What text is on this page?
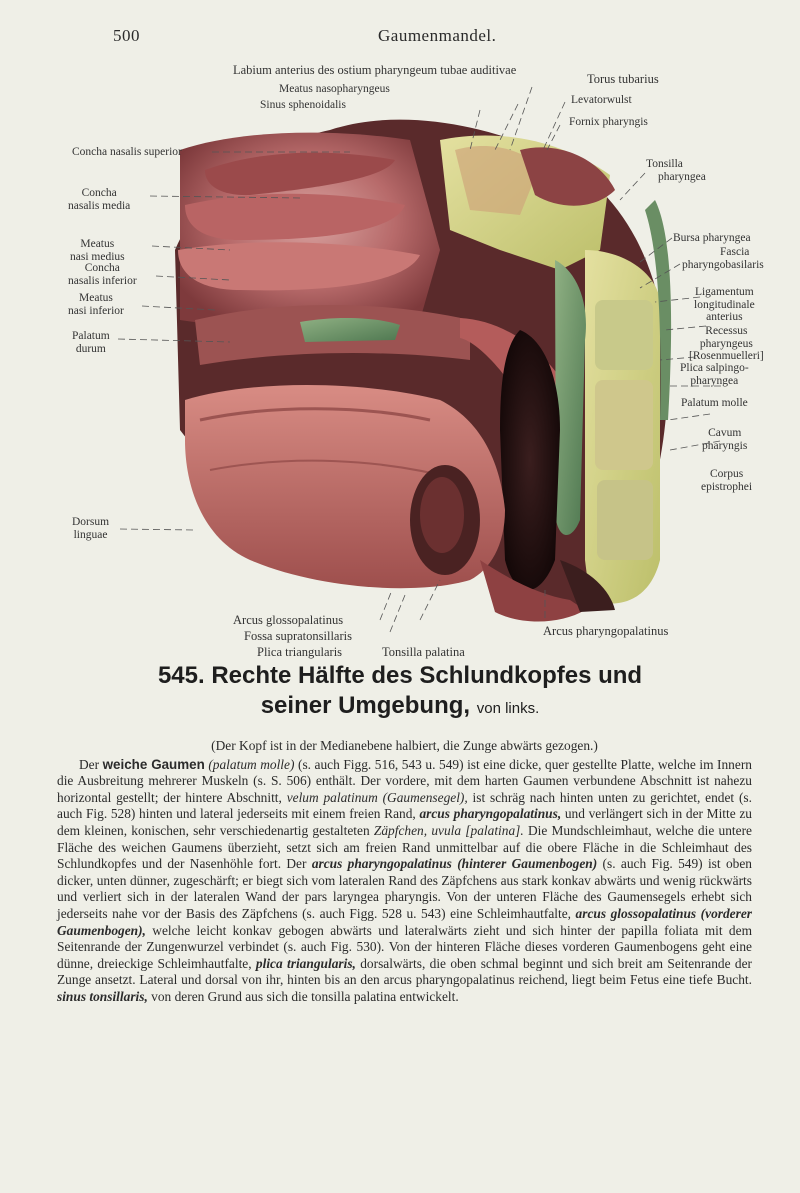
500	Gaumenmandel.
Labium anterius des ostium pharyngeum tubae auditivae
Torus tubarius
Meatus nasopharyngeus
Levatorwulst
Sinus sphenoidalis
Fornix pharyngis
Concha nasalis superior
Concha
nasalis media
Meatus
nasi medius
Concha
nasalis inferior
Meatus
nasi inferior
Palatum
durum
Dorsum
linguae
Tonsilla
pharyngea
Bursa pharyngea
Fascia
pharyngobasilaris
Ligamentum
longitudinale
anterius
Recessus
pharyngeus
[Rosenmuelleri]
Plica salpingo-
pharyngea
Palatum molle
Cavum
pharyngis
Corpus
epistrophei
Arcus glossopalatinus
Fossa supratonsillaris
Plica triangularis	Tonsilla palatina
Arcus pharyngopalatinus
545. Rechte Hälfte des Schlundkopfes und
seiner Umgebung, von links.

(Der Kopf ist in der Medianebene halbiert, die Zunge abwärts gezogen.)

Der weiche Gaumen (palatum molle) (s. auch Figg. 516, 543 u. 549) ist eine dicke, quer gestellte Platte, welche im Innern die Ausbreitung mehrerer Muskeln (s. S. 506) enthält. Der vordere, mit dem harten Gaumen verbundene Abschnitt ist nahezu horizontal gestellt; der hintere Abschnitt, velum palatinum (Gaumensegel), ist schräg nach hinten unten zu gerichtet, endet (s. auch Fig. 528) hinten und lateral jederseits mit einem freien Rand, arcus pharyngopalatinus, und verlängert sich in der Mitte zu dem kleinen, konischen, sehr verschiedenartig gestalteten Zäpfchen, uvula [palatina]. Die Mundschleimhaut, welche die untere Fläche des weichen Gaumens überzieht, setzt sich am freien Rand unmittelbar auf die obere Fläche in die Schleimhaut des Schlundkopfes und der Nasenhöhle fort. Der arcus pharyngopalatinus (hinterer Gaumenbogen) (s. auch Fig. 549) ist oben dicker, unten dünner, zugeschärft; er biegt sich vom lateralen Rand des Zäpfchens aus stark konkav abwärts und wenig rückwärts und verliert sich in der lateralen Wand der pars laryngea pharyngis. Von der unteren Fläche des Gaumensegels erhebt sich jederseits nahe vor der Basis des Zäpfchens (s. auch Figg. 528 u. 543) eine Schleimhautfalte, arcus glossopalatinus (vorderer Gaumenbogen), welche leicht konkav gebogen abwärts und lateralwärts zieht und sich hinter der papilla foliata mit dem Seitenrande der Zungenwurzel verbindet (s. auch Fig. 530). Von der hinteren Fläche dieses vorderen Gaumenbogens geht eine dünne, dreieckige Schleimhautfalte, plica triangularis, dorsalwärts, die oben schmal beginnt und sich breit am Seitenrande der Zunge ansetzt. Lateral und dorsal von ihr, hinten bis an den arcus pharyngopalatinus reichend, liegt beim Fetus eine tiefe Bucht. sinus tonsillaris, von deren Grund aus sich die tonsilla palatina entwickelt.
